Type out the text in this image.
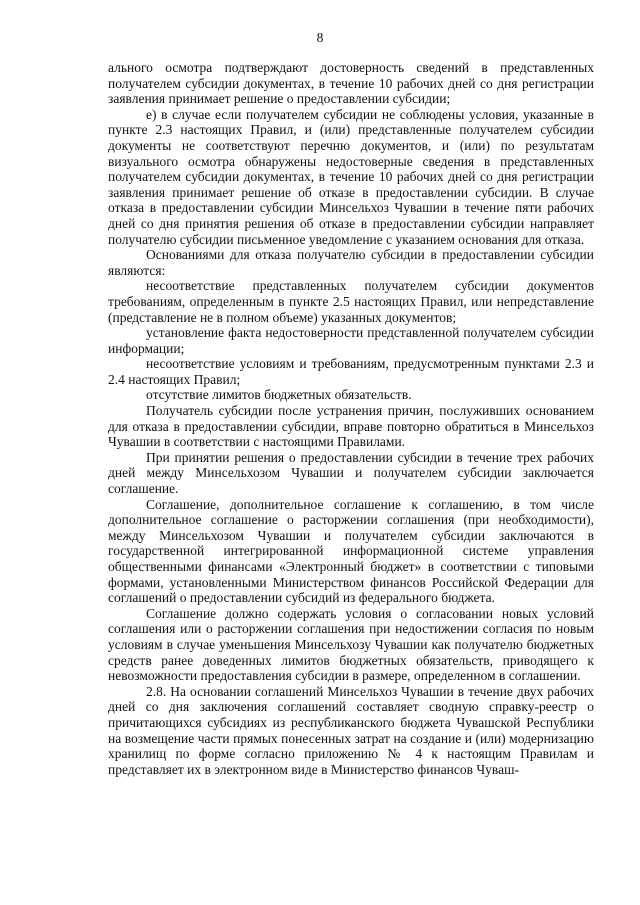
8

ального осмотра подтверждают достоверность сведений в представленных получателем субсидии документах, в течение 10 рабочих дней со дня регистрации заявления принимает решение о предоставлении субсидии;

е) в случае если получателем субсидии не соблюдены условия, указанные в пункте 2.3 настоящих Правил, и (или) представленные получателем субсидии документы не соответствуют перечню документов, и (или) по результатам визуального осмотра обнаружены недостоверные сведения в представленных получателем субсидии документах, в течение 10 рабочих дней со дня регистрации заявления принимает решение об отказе в предоставлении субсидии. В случае отказа в предоставлении субсидии Минсельхоз Чувашии в течение пяти рабочих дней со дня принятия решения об отказе в предоставлении субсидии направляет получателю субсидии письменное уведомление с указанием основания для отказа.

Основаниями для отказа получателю субсидии в предоставлении субсидии являются:

несоответствие представленных получателем субсидии документов требованиям, определенным в пункте 2.5 настоящих Правил, или непредставление (представление не в полном объеме) указанных документов;

установление факта недостоверности представленной получателем субсидии информации;

несоответствие условиям и требованиям, предусмотренным пунктами 2.3 и 2.4 настоящих Правил;

отсутствие лимитов бюджетных обязательств.

Получатель субсидии после устранения причин, послуживших основанием для отказа в предоставлении субсидии, вправе повторно обратиться в Минсельхоз Чувашии в соответствии с настоящими Правилами.

При принятии решения о предоставлении субсидии в течение трех рабочих дней между Минсельхозом Чувашии и получателем субсидии заключается соглашение.

Соглашение, дополнительное соглашение к соглашению, в том числе дополнительное соглашение о расторжении соглашения (при необходимости), между Минсельхозом Чувашии и получателем субсидии заключаются в государственной интегрированной информационной системе управления общественными финансами «Электронный бюджет» в соответствии с типовыми формами, установленными Министерством финансов Российской Федерации для соглашений о предоставлении субсидий из федерального бюджета.

Соглашение должно содержать условия о согласовании новых условий соглашения или о расторжении соглашения при недостижении согласия по новым условиям в случае уменьшения Минсельхозу Чувашии как получателю бюджетных средств ранее доведенных лимитов бюджетных обязательств, приводящего к невозможности предоставления субсидии в размере, определенном в соглашении.

2.8. На основании соглашений Минсельхоз Чувашии в течение двух рабочих дней со дня заключения соглашений составляет сводную справку-реестр о причитающихся субсидиях из республиканского бюджета Чувашской Республики на возмещение части прямых понесенных затрат на создание и (или) модернизацию хранилищ по форме согласно приложению № 4 к настоящим Правилам и представляет их в электронном виде в Министерство финансов Чуваш-
